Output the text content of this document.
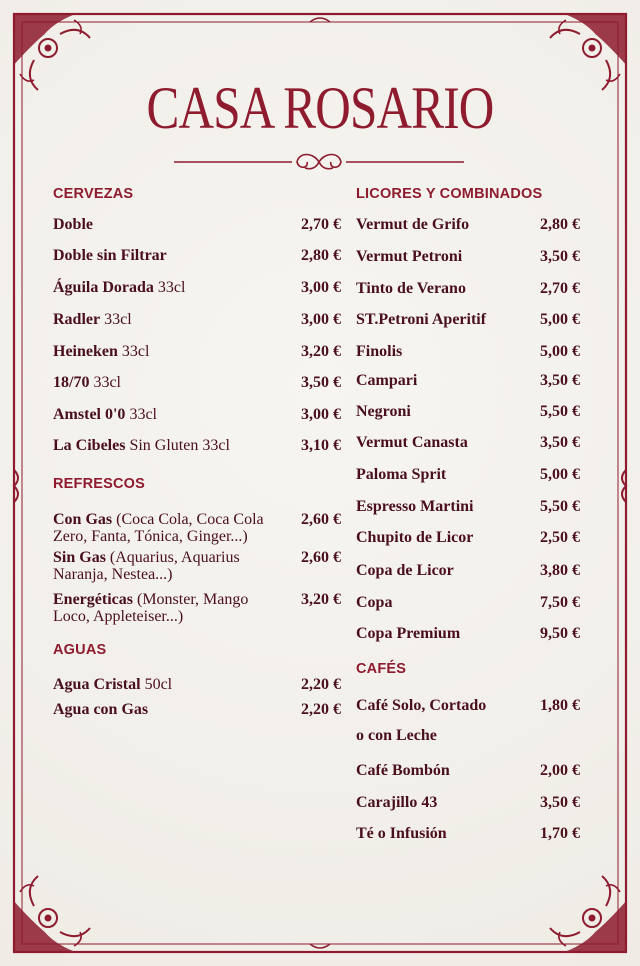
CASA ROSARIO
CERVEZAS
Doble	2,70 €
Doble sin Filtrar	2,80 €
Águila Dorada 33cl	3,00 €
Radler 33cl	3,00 €
Heineken 33cl	3,20 €
18/70 33cl	3,50 €
Amstel 0'0 33cl	3,00 €
La Cibeles Sin Gluten 33cl	3,10 €
REFRESCOS
Con Gas (Coca Cola, Coca Cola
Zero, Fanta, Tónica, Ginger...)
2,60 €
Sin Gas (Aquarius, Aquarius
Naranja, Nestea...)
2,60 €
Energéticas (Monster, Mango
Loco, Appleteiser...)
3,20 €
AGUAS
Agua Cristal 50cl	2,20 €
Agua con Gas	2,20 €
LICORES Y COMBINADOS
Vermut de Grifo	2,80 €
Vermut Petroni	3,50 €
Tinto de Verano	2,70 €
ST.Petroni Aperitif	5,00 €
Finolis	5,00 €
Campari	3,50 €
Negroni	5,50 €
Vermut Canasta	3,50 €
Paloma Sprit	5,00 €
Espresso Martini	5,50 €
Chupito de Licor	2,50 €
Copa de Licor	3,80 €
Copa	7,50 €
Copa Premium	9,50 €
CAFÉS
Café Solo, Cortado
o con Leche
1,80 €
Café Bombón	2,00 €
Carajillo 43	3,50 €
Té o Infusión	1,70 €
